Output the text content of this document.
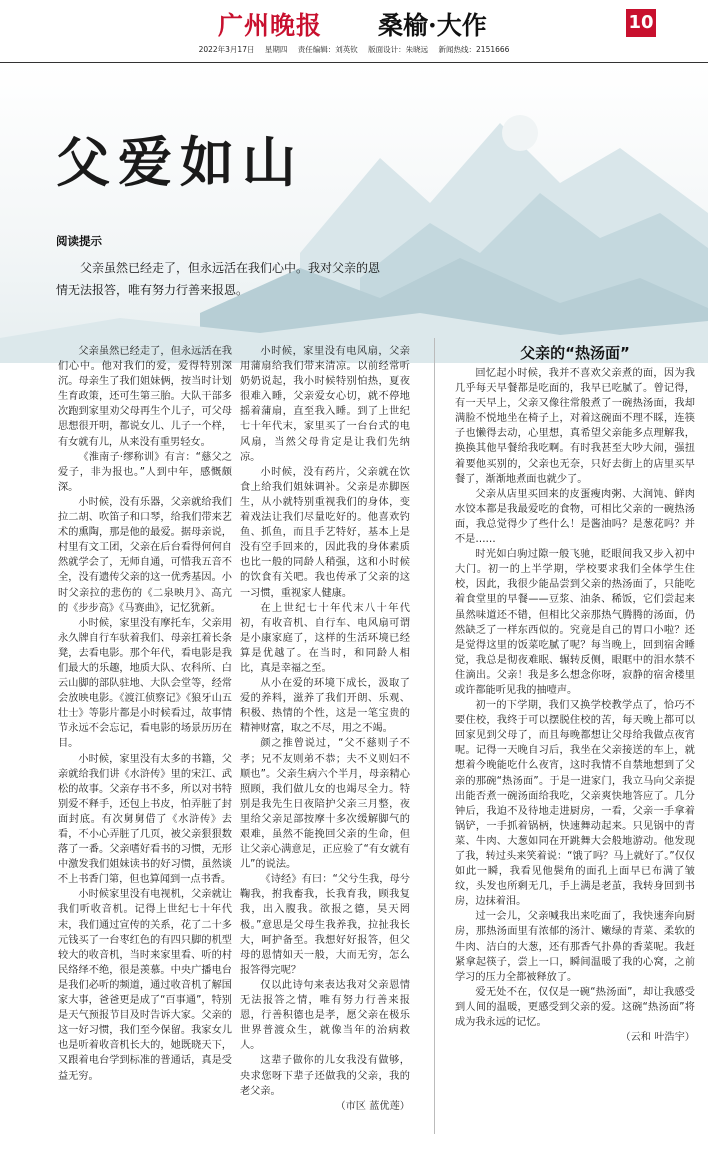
广州晚报 桑榆·大作	10
2022年3月17日 星期四 责任编辑：刘英钦 版面设计：朱晓远 新闻热线：2151666
父爱如山
阅读提示
父亲虽然已经走了，但永远活在我们心中。我对父亲的恩情无法报答，唯有努力行善来报恩。

父亲虽然已经走了，但永远活在我们心中。他对我们的爱，爱得特别深沉。母亲生了我们姐妹俩，按当时计划生育政策，还可生第三胎。大队干部多次跑到家里劝父母再生个儿子，可父母思想很开明，都说女儿、儿子一个样，有女就有儿，从来没有重男轻女。

《淮南子·缪称训》有言：“慈父之爱子，非为报也。”人到中年，感慨颇深。

小时候，没有乐器，父亲就给我们拉二胡、吹笛子和口琴，给我们带来艺术的熏陶，那是他的最爱。据母亲说，村里有文工团，父亲在后台看得何何自然就学会了，无师自通，可惜我五音不全，没有遗传父亲的这一优秀基因。小时父亲拉的悲伤的《二泉映月》、高亢的《步步高》《马赛曲》，记忆犹新。

小时候，家里没有摩托车，父亲用永久牌自行车驮着我们、母亲扛着长条凳，去看电影。那个年代，看电影是我们最大的乐趣，地质大队、农科所、白云山脚的部队驻地、大队会堂等，经常会放映电影。《渡江侦察记》《狼牙山五壮士》等影片都是小时候看过，故事情节永远不会忘记，看电影的场景历历在目。

小时候，家里没有太多的书籍，父亲就给我们讲《水浒传》里的宋江、武松的故事。父亲存书不多，所以对书特别爱不释手，还包上书皮，怕弄脏了封面封底。有次舅舅借了《水浒传》去看，不小心弄脏了几页，被父亲狠狠数落了一番。父亲嗜好看书的习惯，无形中激发我们姐妹读书的好习惯，虽然谈不上书香门第，但也算闻到一点书香。

小时候家里没有电视机，父亲就让我们听收音机。记得上世纪七十年代末，我们通过宣传的关系，花了二十多元钱买了一台枣红色的有四只脚的机型较大的收音机，当时来家里看、听的村民络绎不绝，很是羡慕。中央广播电台是我们必听的频道，通过收音机了解国家大事，爸爸更是成了“百事通”，特别是天气预报节目及时告诉大家。父亲的这一好习惯，我们至今保留。我家女儿也是听着收音机长大的，她既晓天下，又跟着电台学到标准的普通话，真是受益无穷。

小时候，家里没有电风扇，父亲用蒲扇给我们带来清凉。以前经常听奶奶说起，我小时候特别怕热，夏夜很难入睡，父亲爱女心切，就不停地摇着蒲扇，直至我入睡。到了上世纪七十年代末，家里买了一台台式的电风扇，当然父母肯定是让我们先纳凉。

小时候，没有药片，父亲就在饮食上给我们姐妹调补。父亲是赤脚医生，从小就特别重视我们的身体，变着戏法让我们尽量吃好的。他喜欢钓鱼、抓鱼，而且手艺特好，基本上是没有空手回来的，因此我的身体素质也比一般的同龄人稍强，这和小时候的饮食有关吧。我也传承了父亲的这一习惯，重视家人健康。

在上世纪七十年代末八十年代初，有收音机、自行车、电风扇可谓是小康家庭了，这样的生活环境已经算是优越了。在当时，和同龄人相比，真是幸福之至。

从小在爱的环境下成长，汲取了爱的养料，滋养了我们开朗、乐观、积极、热情的个性，这是一笔宝贵的精神财富，取之不尽，用之不竭。

颜之推曾说过，“父不慈则子不孝；兄不友则弟不恭；夫不义则妇不顺也”。父亲生病六个半月，母亲精心照顾，我们做儿女的也竭尽全力。特别是我先生日夜陪护父亲三月整，夜里给父亲足部按摩十多次缓解脚气的艰难，虽然不能挽回父亲的生命，但让父亲心满意足，正应验了“有女就有儿”的说法。

《诗经》有曰：“父兮生我，母兮鞠我，拊我畜我，长我育我，顾我复我，出入腹我。欲报之德，昊天罔极。”意思是父母生我养我，拉扯我长大，呵护备至。我想好好报答，但父母的恩情如天一般，大而无穷，怎么报答得完呢？

仅以此诗句来表达我对父亲恩情无法报答之情，唯有努力行善来报恩，行善积德也是孝，愿父亲在极乐世界普渡众生，就像当年的治病救人。

这辈子做你的儿女我没有做够，央求您呀下辈子还做我的父亲，我的老父亲。

（市区 蓝优莲）

父亲的“热汤面”

回忆起小时候，我并不喜欢父亲煮的面，因为我几乎每天早餐都是吃面的，我早已吃腻了。曾记得，有一天早上，父亲又像往常般煮了一碗热汤面，我却满脸不悦地坐在椅子上，对着这碗面不理不睬，连筷子也懒得去动，心里想，真希望父亲能多点理解我，换换其他早餐给我吃啊。有时我甚至大吵大闹，强扭着要他买别的，父亲也无奈，只好去街上的店里买早餐了，渐渐地煮面也就少了。

父亲从店里买回来的皮蛋瘦肉粥、大润饨、鲜肉水饺本都是我最爱吃的食物，可相比父亲的一碗热汤面，我总觉得少了些什么！是酱油吗？是葱花吗？并不是……

时光如白驹过隙一般飞驰，眨眼间我又步入初中大门。初一的上半学期，学校要求我们全体学生住校，因此，我很少能品尝到父亲的热汤面了，只能吃着食堂里的早餐——豆浆、油条、稀饭，它们尝起来虽然味道还不错，但相比父亲那热气腾腾的汤面，仍然缺乏了一样东西似的。究竟是自己的胃口小啦？还是觉得这里的饭菜吃腻了呢？每当晚上，回到宿舍睡觉，我总是彻夜难眠、辗转反侧，眼眶中的泪水禁不住滴出。父亲！我是多么想念你呀，寂静的宿舍楼里或许都能听见我的抽噎声。

初一的下学期，我们又换学校教学点了，恰巧不要住校，我终于可以摆脱住校的苦，每天晚上都可以回家见到父母了，而且每晚都想让父母给我做点夜宵呢。记得一天晚自习后，我坐在父亲接送的车上，就想着今晚能吃什么夜宵，这时我情不自禁地想到了父亲的那碗“热汤面”。于是一进家门，我立马向父亲提出能否煮一碗汤面给我吃，父亲爽快地答应了。几分钟后，我迫不及待地走进厨房，一看，父亲一手拿着锅铲，一手抓着锅柄，快速舞动起来。只见锅中的青菜、牛肉、大葱如同在开跳舞大会般地游动。他发现了我，转过头来笑着说：“饿了吗？马上就好了。”仅仅如此一瞬，我看见他鬓角的面孔上面早已布满了皱纹，头发也所剩无几，手上满是老茧，我转身回到书房，边抹着泪。

过一会儿，父亲喊我出来吃面了，我快速奔向厨房，那热汤面里有浓郁的汤汁、嫩绿的青菜、柔软的牛肉、洁白的大葱，还有那香气扑鼻的香菜呢。我赶紧拿起筷子，尝上一口，瞬间温暖了我的心窝，之前学习的压力全都被释放了。

爱无处不在，仅仅是一碗“热汤面”，却让我感受到人间的温暖，更感受到父亲的爱。这碗“热汤面”将成为我永远的记忆。

（云和 叶浩宇）
